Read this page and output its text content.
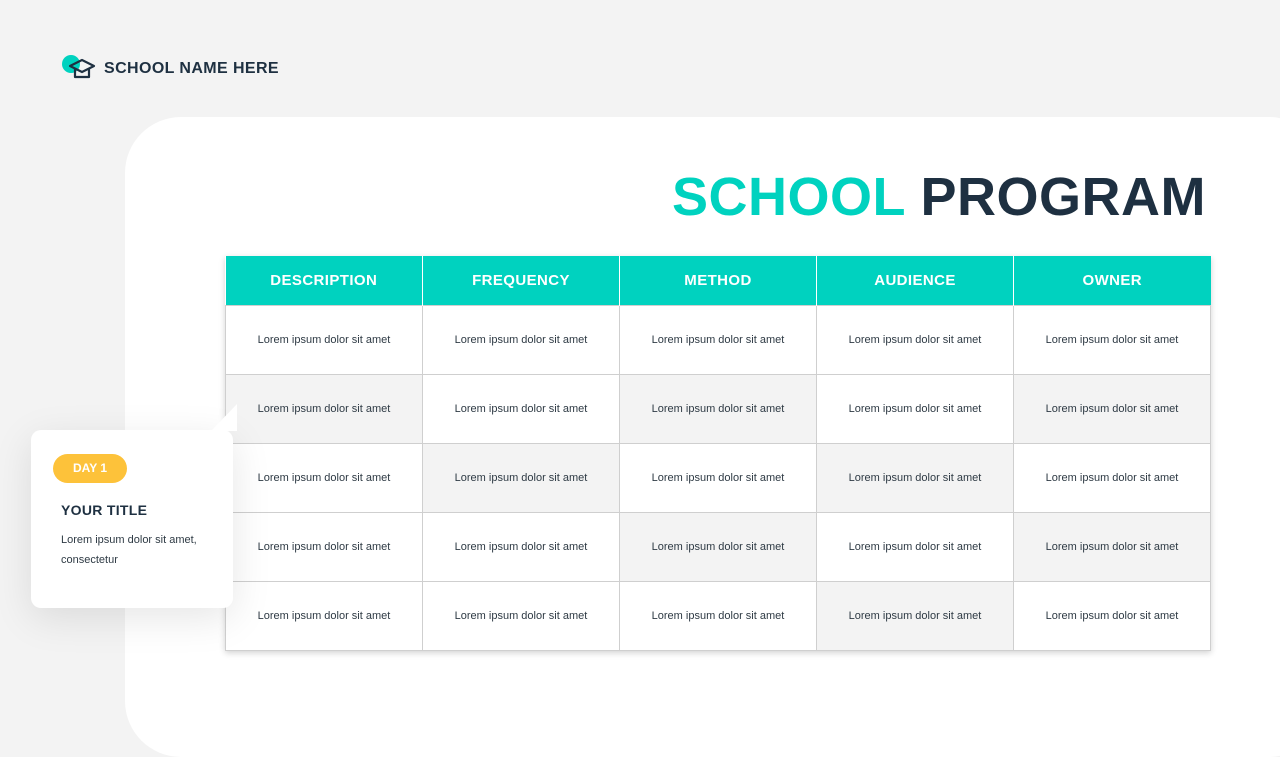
SCHOOL NAME HERE
SCHOOL PROGRAM
DESCRIPTION	FREQUENCY	METHOD	AUDIENCE	OWNER
Lorem ipsum dolor sit amet	Lorem ipsum dolor sit amet	Lorem ipsum dolor sit amet	Lorem ipsum dolor sit amet	Lorem ipsum dolor sit amet
Lorem ipsum dolor sit amet	Lorem ipsum dolor sit amet	Lorem ipsum dolor sit amet	Lorem ipsum dolor sit amet	Lorem ipsum dolor sit amet
Lorem ipsum dolor sit amet	Lorem ipsum dolor sit amet	Lorem ipsum dolor sit amet	Lorem ipsum dolor sit amet	Lorem ipsum dolor sit amet
Lorem ipsum dolor sit amet	Lorem ipsum dolor sit amet	Lorem ipsum dolor sit amet	Lorem ipsum dolor sit amet	Lorem ipsum dolor sit amet
Lorem ipsum dolor sit amet	Lorem ipsum dolor sit amet	Lorem ipsum dolor sit amet	Lorem ipsum dolor sit amet	Lorem ipsum dolor sit amet
DAY 1
YOUR TITLE
Lorem ipsum dolor sit amet, consectetur
